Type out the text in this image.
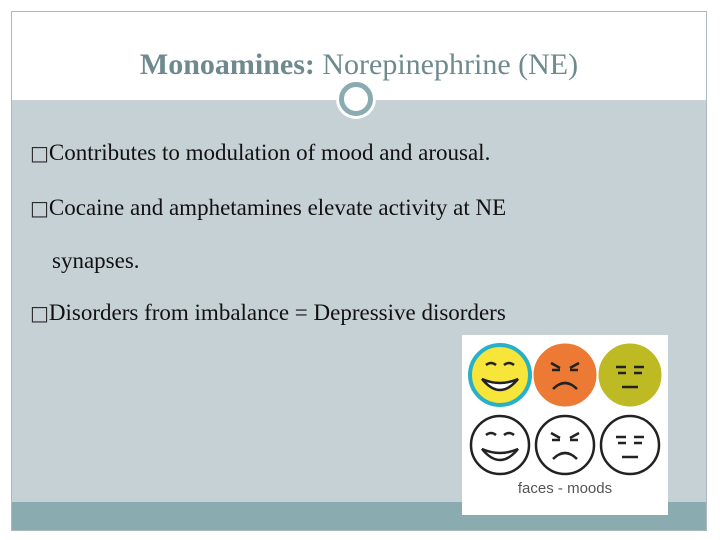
Monoamines: Norepinephrine (NE)
□Contributes to modulation of mood and arousal.
□Cocaine and amphetamines elevate activity at NE
synapses.
□Disorders from imbalance = Depressive disorders
faces - moods
